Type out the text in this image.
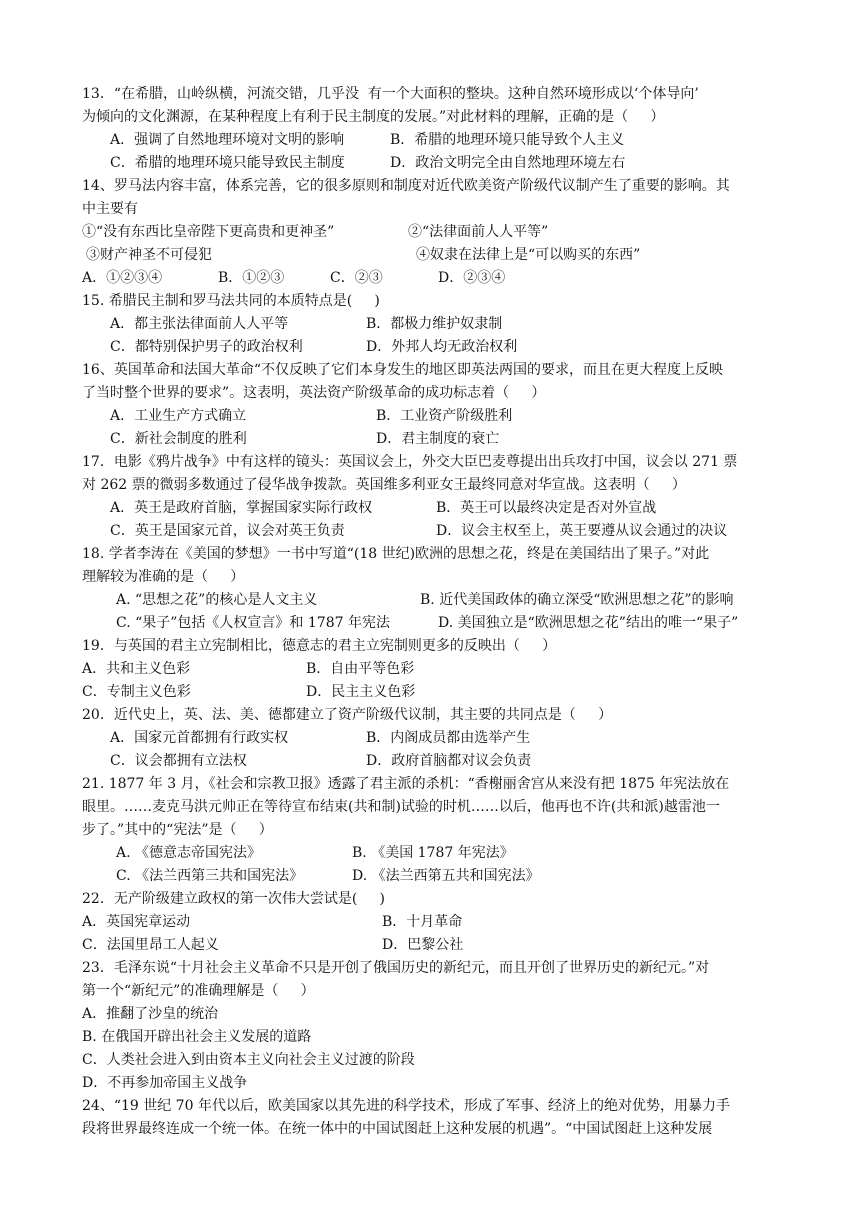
13．“在希腊，山岭纵横，河流交错，几乎没  有一个大面积的整块。这种自然环境形成以‘个体导向’
为倾向的文化渊源，在某种程度上有利于民主制度的发展。”对此材料的理解，正确的是（     ）
A．强调了自然地理环境对文明的影响	B．希腊的地理环境只能导致个人主义
C．希腊的地理环境只能导致民主制度	D．政治文明完全由自然地理环境左右
14、罗马法内容丰富，体系完善，它的很多原则和制度对近代欧美资产阶级代议制产生了重要的影响。其
中主要有
①“没有东西比皇帝陛下更高贵和更神圣”	②“法律面前人人平等”
③财产神圣不可侵犯	④奴隶在法律上是“可以购买的东西”
A．①②③④	B．①②③	C．②③	D．②③④
15. 希腊民主制和罗马法共同的本质特点是(     )
A．都主张法律面前人人平等	B．都极力维护奴隶制
C．都特别保护男子的政治权利	D．外邦人均无政治权利
16、英国革命和法国大革命“不仅反映了它们本身发生的地区即英法两国的要求，而且在更大程度上反映
了当时整个世界的要求”。这表明，英法资产阶级革命的成功标志着（     ）
A．工业生产方式确立	B．工业资产阶级胜利
C．新社会制度的胜利	D．君主制度的衰亡
17．电影《鸦片战争》中有这样的镜头：英国议会上，外交大臣巴麦尊提出出兵攻打中国，议会以 271 票
对 262 票的微弱多数通过了侵华战争拨款。英国维多利亚女王最终同意对华宣战。这表明（     ）
A．英王是政府首脑，掌握国家实际行政权	B．英王可以最终决定是否对外宣战
C．英王是国家元首，议会对英王负责	D．议会主权至上，英王要遵从议会通过的决议
18. 学者李涛在《美国的梦想》一书中写道“(18 世纪)欧洲的思想之花，终是在美国结出了果子。”对此
理解较为准确的是（     ）
A. “思想之花”的核心是人文主义	B. 近代美国政体的确立深受“欧洲思想之花”的影响
C. “果子”包括《人权宣言》和 1787 年宪法	D. 美国独立是“欧洲思想之花”结出的唯一“果子”
19．与英国的君主立宪制相比，德意志的君主立宪制则更多的反映出（     ）
A．共和主义色彩	B．自由平等色彩
C．专制主义色彩	D．民主主义色彩
20．近代史上，英、法、美、德都建立了资产阶级代议制，其主要的共同点是（     ）
A．国家元首都拥有行政实权	B．内阁成员都由选举产生
C．议会都拥有立法权	D．政府首脑都对议会负责
21. 1877 年 3 月，《社会和宗教卫报》透露了君主派的杀机：“香榭丽舍宫从来没有把 1875 年宪法放在
眼里。……麦克马洪元帅正在等待宣布结束(共和制)试验的时机……以后，他再也不许(共和派)越雷池一
步了。”其中的“宪法”是（     ）
A. 《德意志帝国宪法》	B. 《美国 1787 年宪法》
C. 《法兰西第三共和国宪法》	D. 《法兰西第五共和国宪法》
22．无产阶级建立政权的第一次伟大尝试是(     )
A．英国宪章运动	B．十月革命
C．法国里昂工人起义	D．巴黎公社
23．毛泽东说“十月社会主义革命不只是开创了俄国历史的新纪元，而且开创了世界历史的新纪元。”对
第一个“新纪元”的准确理解是（     ）
A．推翻了沙皇的统治
B. 在俄国开辟出社会主义发展的道路
C．人类社会进入到由资本主义向社会主义过渡的阶段
D．不再参加帝国主义战争
24、“19 世纪 70 年代以后，欧美国家以其先进的科学技术，形成了军事、经济上的绝对优势，用暴力手
段将世界最终连成一个统一体。在统一体中的中国试图赶上这种发展的机遇”。“中国试图赶上这种发展
